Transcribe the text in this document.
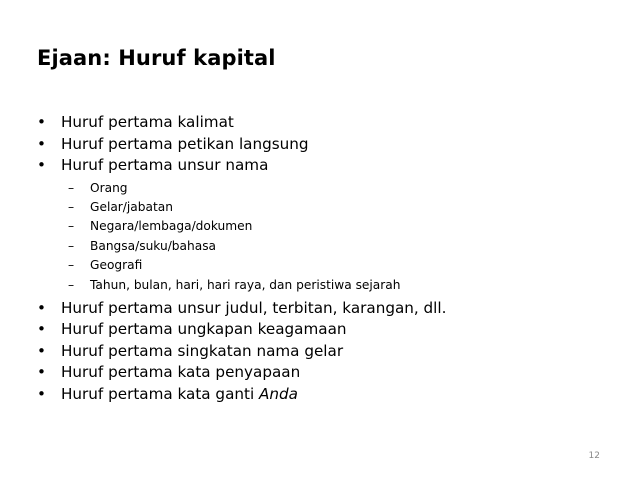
Ejaan: Huruf kapital
• Huruf pertama kalimat
• Huruf pertama petikan langsung
• Huruf pertama unsur nama
–	Orang
–	Gelar/jabatan
–	Negara/lembaga/dokumen
–	Bangsa/suku/bahasa
–	Geografi
–	Tahun, bulan, hari, hari raya, dan peristiwa sejarah
• Huruf pertama unsur judul, terbitan, karangan, dll.
• Huruf pertama ungkapan keagamaan
• Huruf pertama singkatan nama gelar
• Huruf pertama kata penyapaan
• Huruf pertama kata ganti Anda
12
